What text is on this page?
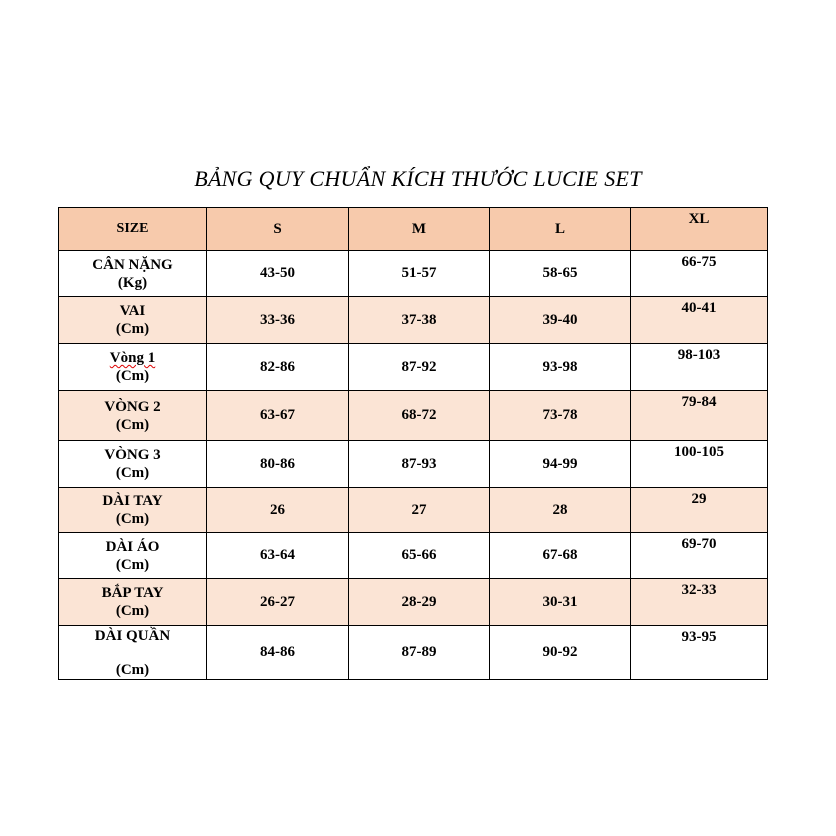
BẢNG QUY CHUẨN KÍCH THƯỚC LUCIE SET
SIZE	S	M	L	XL

CÂN NẶNG
(Kg)	43-50	51-57	58-65	66-75

VAI
(Cm)	33-36	37-38	39-40	40-41

Vòng 1
(Cm)	82-86	87-92	93-98	98-103

VÒNG 2
(Cm)	63-67	68-72	73-78	79-84

VÒNG 3
(Cm)	80-86	87-93	94-99	100-105

DÀI TAY
(Cm)	26	27	28	29

DÀI ÁO
(Cm)	63-64	65-66	67-68	69-70

BẮP TAY
(Cm)	26-27	28-29	30-31	32-33

DÀI QUẦN
(Cm)	84-86	87-89	90-92	93-95
